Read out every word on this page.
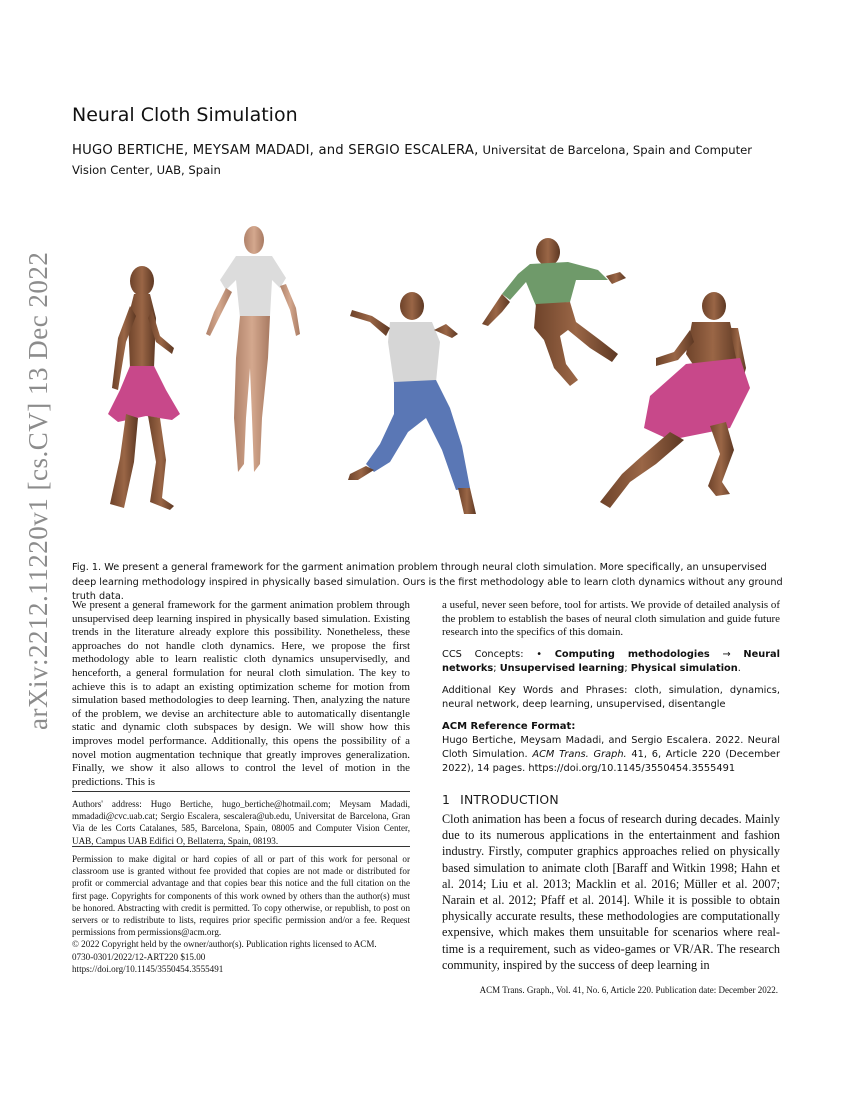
arXiv:2212.11220v1 [cs.CV] 13 Dec 2022
Neural Cloth Simulation
HUGO BERTICHE, MEYSAM MADADI, and SERGIO ESCALERA, Universitat de Barcelona, Spain and Computer Vision Center, UAB, Spain
Fig. 1. We present a general framework for the garment animation problem through neural cloth simulation. More specifically, an unsupervised deep learning methodology inspired in physically based simulation. Ours is the first methodology able to learn cloth dynamics without any ground truth data.

We present a general framework for the garment animation problem through unsupervised deep learning inspired in physically based simulation. Existing trends in the literature already explore this possibility. Nonetheless, these approaches do not handle cloth dynamics. Here, we propose the first methodology able to learn realistic cloth dynamics unsupervisedly, and henceforth, a general formulation for neural cloth simulation. The key to achieve this is to adapt an existing optimization scheme for motion from simulation based methodologies to deep learning. Then, analyzing the nature of the problem, we devise an architecture able to automatically disentangle static and dynamic cloth subspaces by design. We will show how this improves model performance. Additionally, this opens the possibility of a novel motion augmentation technique that greatly improves generalization. Finally, we show it also allows to control the level of motion in the predictions. This is

a useful, never seen before, tool for artists. We provide of detailed analysis of the problem to establish the bases of neural cloth simulation and guide future research into the specifics of this domain.

CCS Concepts: • Computing methodologies → Neural networks; Unsupervised learning; Physical simulation.

Additional Key Words and Phrases: cloth, simulation, dynamics, neural network, deep learning, unsupervised, disentangle

ACM Reference Format:

Hugo Bertiche, Meysam Madadi, and Sergio Escalera. 2022. Neural Cloth Simulation. ACM Trans. Graph. 41, 6, Article 220 (December 2022), 14 pages. https://doi.org/10.1145/3550454.3555491

Authors' address: Hugo Bertiche, hugo_bertiche@hotmail.com; Meysam Madadi, mmadadi@cvc.uab.cat; Sergio Escalera, sescalera@ub.edu, Universitat de Barcelona, Gran Via de les Corts Catalanes, 585, Barcelona, Spain, 08005 and Computer Vision Center, UAB, Campus UAB Edifici O, Bellaterra, Spain, 08193.

Permission to make digital or hard copies of all or part of this work for personal or classroom use is granted without fee provided that copies are not made or distributed for profit or commercial advantage and that copies bear this notice and the full citation on the first page. Copyrights for components of this work owned by others than the author(s) must be honored. Abstracting with credit is permitted. To copy otherwise, or republish, to post on servers or to redistribute to lists, requires prior specific permission and/or a fee. Request permissions from permissions@acm.org.

© 2022 Copyright held by the owner/author(s). Publication rights licensed to ACM.

0730-0301/2022/12-ART220 $15.00

https://doi.org/10.1145/3550454.3555491

1 INTRODUCTION
Cloth animation has been a focus of research during decades. Mainly due to its numerous applications in the entertainment and fashion industry. Firstly, computer graphics approaches relied on physically based simulation to animate cloth [Baraff and Witkin 1998; Hahn et al. 2014; Liu et al. 2013; Macklin et al. 2016; Müller et al. 2007; Narain et al. 2012; Pfaff et al. 2014]. While it is possible to obtain physically accurate results, these methodologies are computationally expensive, which makes them unsuitable for scenarios where real-time is a requirement, such as video-games or VR/AR. The research community, inspired by the success of deep learning in
ACM Trans. Graph., Vol. 41, No. 6, Article 220. Publication date: December 2022.
